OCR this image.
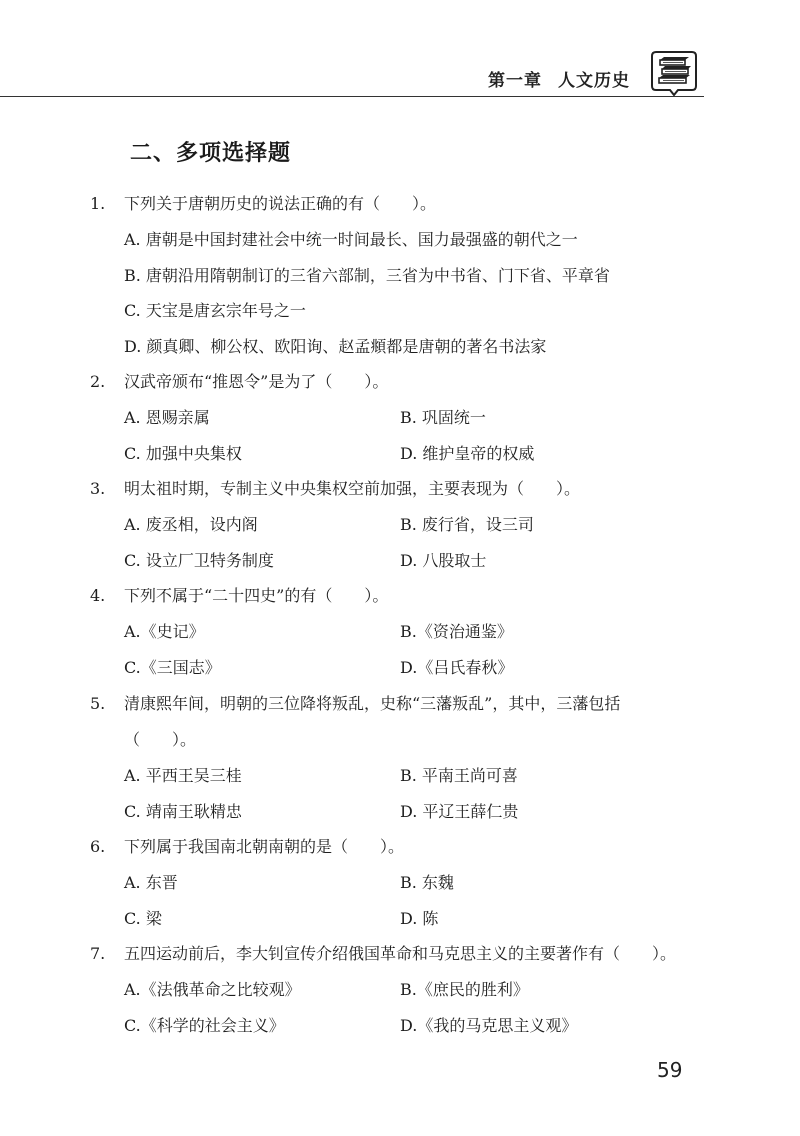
第一章 人文历史
二、多项选择题
1. 下列关于唐朝历史的说法正确的有（　　）。
A. 唐朝是中国封建社会中统一时间最长、国力最强盛的朝代之一
B. 唐朝沿用隋朝制订的三省六部制，三省为中书省、门下省、平章省
C. 天宝是唐玄宗年号之一
D. 颜真卿、柳公权、欧阳询、赵孟頫都是唐朝的著名书法家
2. 汉武帝颁布“推恩令”是为了（　　）。
A. 恩赐亲属	B. 巩固统一
C. 加强中央集权	D. 维护皇帝的权威
3. 明太祖时期，专制主义中央集权空前加强，主要表现为（　　）。
A. 废丞相，设内阁	B. 废行省，设三司
C. 设立厂卫特务制度	D. 八股取士
4. 下列不属于“二十四史”的有（　　）。
A.《史记》	B.《资治通鉴》
C.《三国志》	D.《吕氏春秋》
5. 清康熙年间，明朝的三位降将叛乱，史称“三藩叛乱”，其中，三藩包括
（　　）。
A. 平西王吴三桂	B. 平南王尚可喜
C. 靖南王耿精忠	D. 平辽王薛仁贵
6. 下列属于我国南北朝南朝的是（　　）。
A. 东晋	B. 东魏
C. 梁	D. 陈
7. 五四运动前后，李大钊宣传介绍俄国革命和马克思主义的主要著作有（　　）。
A.《法俄革命之比较观》	B.《庶民的胜利》
C.《科学的社会主义》	D.《我的马克思主义观》
59
